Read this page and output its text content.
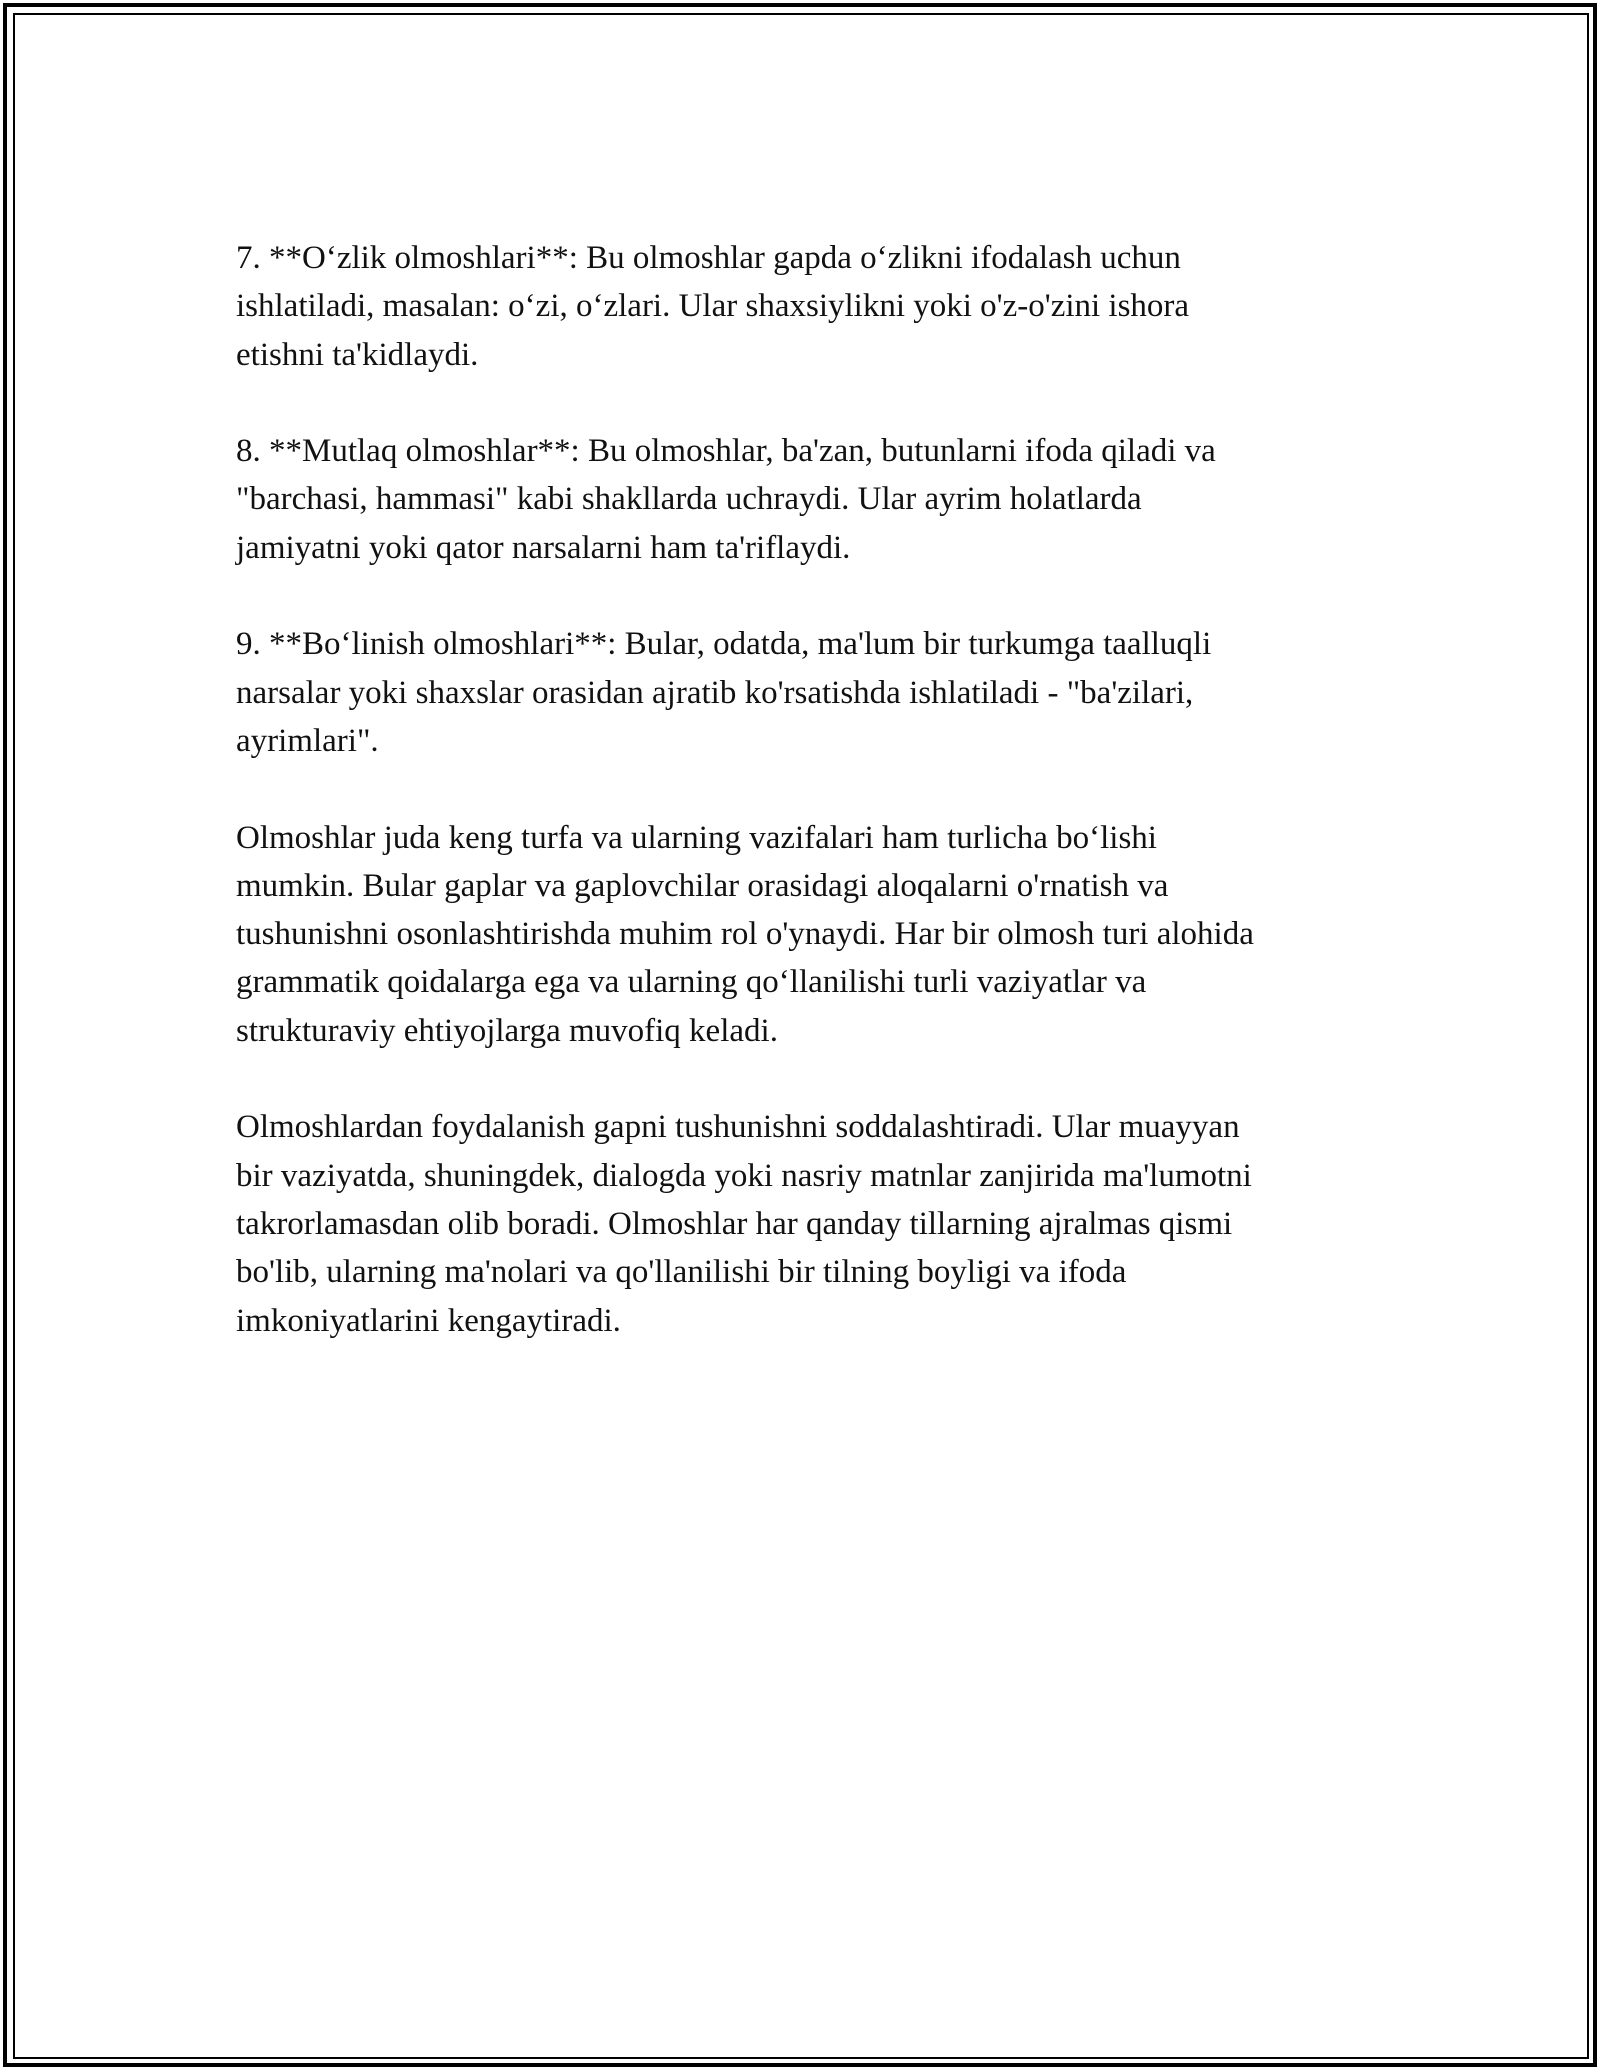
7. **O‘zlik olmoshlari**: Bu olmoshlar gapda o‘zlikni ifodalash uchun
ishlatiladi, masalan: o‘zi, o‘zlari. Ular shaxsiylikni yoki o'z-o'zini ishora
etishni ta'kidlaydi.

8. **Mutlaq olmoshlar**: Bu olmoshlar, ba'zan, butunlarni ifoda qiladi va
"barchasi, hammasi" kabi shakllarda uchraydi. Ular ayrim holatlarda
jamiyatni yoki qator narsalarni ham ta'riflaydi.

9. **Bo‘linish olmoshlari**: Bular, odatda, ma'lum bir turkumga taalluqli
narsalar yoki shaxslar orasidan ajratib ko'rsatishda ishlatiladi - "ba'zilari,
ayrimlari".

Olmoshlar juda keng turfa va ularning vazifalari ham turlicha bo‘lishi
mumkin. Bular gaplar va gaplovchilar orasidagi aloqalarni o'rnatish va
tushunishni osonlashtirishda muhim rol o'ynaydi. Har bir olmosh turi alohida
grammatik qoidalarga ega va ularning qo‘llanilishi turli vaziyatlar va
strukturaviy ehtiyojlarga muvofiq keladi.

Olmoshlardan foydalanish gapni tushunishni soddalashtiradi. Ular muayyan
bir vaziyatda, shuningdek, dialogda yoki nasriy matnlar zanjirida ma'lumotni
takrorlamasdan olib boradi. Olmoshlar har qanday tillarning ajralmas qismi
bo'lib, ularning ma'nolari va qo'llanilishi bir tilning boyligi va ifoda
imkoniyatlarini kengaytiradi.
